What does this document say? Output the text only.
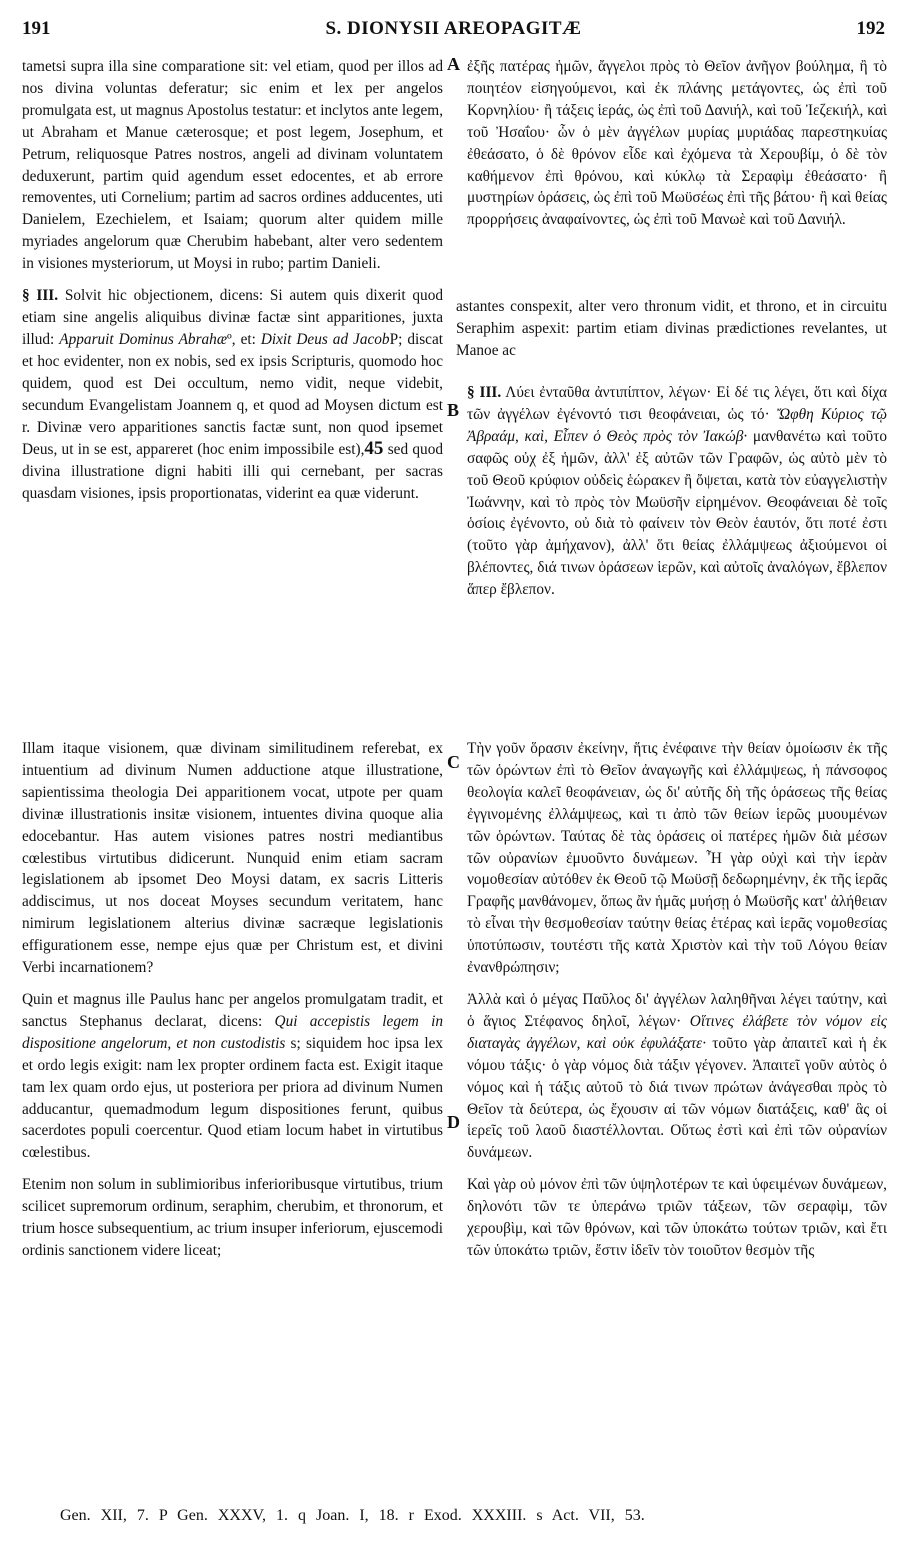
191	S. DIONYSII AREOPAGITÆ	192
A
B
C
D

tametsi supra illa sine comparatione sit: vel etiam, quod per illos ad nos divina voluntas deferatur; sic enim et lex per angelos promulgata est, ut magnus Apostolus testatur: et inclytos ante legem, ut Abraham et Manue cæterosque; et post legem, Josephum, et Petrum, reliquosque Patres nostros, angeli ad divinam voluntatem deduxerunt, partim quid agendum esset edocentes, et ab errore removentes, uti Cornelium; partim ad sacros ordines adducentes, uti Danielem, Ezechielem, et Isaiam; quorum alter quidem mille myriades angelorum quæ Cherubim habebant, alter vero sedentem in visiones mysteriorum, ut Moysi in rubo; partim Danieli.

§ III. Solvit hic objectionem, dicens: Si autem quis dixerit quod etiam sine angelis aliquibus divinæ factæ sint apparitiones, juxta illud: Apparuit Dominus Abrahæº, et: Dixit Deus ad JacobP; discat et hoc evidenter, non ex nobis, sed ex ipsis Scripturis, quomodo hoc quidem, quod est Dei occultum, nemo vidit, neque videbit, secundum Evangelistam Joannem q, et quod ad Moysen dictum est r. Divinæ vero apparitiones sanctis factæ sunt, non quod ipsemet Deus, ut in se est, appareret (hoc enim impossibile est),45 sed quod divina illustratione digni habiti illi qui cernebant, per sacras quasdam visiones, ipsis proportionatas, viderint ea quæ viderunt.

Illam itaque visionem, quæ divinam similitudinem referebat, ex intuentium ad divinum Numen adductione atque illustratione, sapientissima theologia Dei apparitionem vocat, utpote per quam divinæ illustrationis insitæ visionem, intuentes divina quoque alia edocebantur. Has autem visiones patres nostri mediantibus cœlestibus virtutibus didicerunt. Nunquid enim etiam sacram legislationem ab ipsomet Deo Moysi datam, ex sacris Litteris addiscimus, ut nos doceat Moyses secundum veritatem, hanc nimirum legislationem alterius divinæ sacræque legislationis effigurationem esse, nempe ejus quæ per Christum est, et divini Verbi incarnationem?

Quin et magnus ille Paulus hanc per angelos promulgatam tradit, et sanctus Stephanus declarat, dicens: Qui accepistis legem in dispositione angelorum, et non custodistis s; siquidem hoc ipsa lex et ordo legis exigit: nam lex propter ordinem facta est. Exigit itaque tam lex quam ordo ejus, ut posteriora per priora ad divinum Numen adducantur, quemadmodum legum dispositiones ferunt, quibus sacerdotes populi coercentur. Quod etiam locum habet in virtutibus cœlestibus.

Etenim non solum in sublimioribus inferioribusque virtutibus, trium scilicet supremorum ordinum, seraphim, cherubim, et thronorum, et trium hosce subsequentium, ac trium insuper inferiorum, ejuscemodi ordinis sanctionem videre liceat;

ἐξῆς πατέρας ἡμῶν, ἄγγελοι πρὸς τὸ Θεῖον ἀνῆγον βούλημα, ἢ τὸ ποιητέον εἰσηγούμενοι, καὶ ἐκ πλάνης μετάγοντες, ὡς ἐπὶ τοῦ Κορνηλίου· ἢ τάξεις ἱεράς, ὡς ἐπὶ τοῦ Δανιήλ, καὶ τοῦ Ἰεζεκιήλ, καὶ τοῦ Ἠσαΐου· ὧν ὁ μὲν ἀγγέλων μυρίας μυριάδας παρεστηκυίας ἐθεάσατο, ὁ δὲ θρόνον εἶδε καὶ ἐχόμενα τὰ Χερουβίμ, ὁ δὲ τὸν καθήμενον ἐπὶ θρόνου, καὶ κύκλῳ τὰ Σεραφὶμ ἐθεάσατο· ἢ μυστηρίων ὁράσεις, ὡς ἐπὶ τοῦ Μωϋσέως ἐπὶ τῆς βάτου· ἢ καὶ θείας προρρήσεις ἀναφαίνοντες, ὡς ἐπὶ τοῦ Μανωὲ καὶ τοῦ Δανιήλ.

astantes conspexit, alter vero thronum vidit, et throno, et in circuitu Seraphim aspexit: partim etiam divinas prædictiones revelantes, ut Manoe ac

§ ΙΙΙ. Λύει ἐνταῦθα ἀντιπίπτον, λέγων· Εἰ δέ τις λέγει, ὅτι καὶ δίχα τῶν ἀγγέλων ἐγένοντό τισι θεοφάνειαι, ὡς τό· Ὤφθη Κύριος τῷ Ἀβραάμ, καὶ, Εἶπεν ὁ Θεὸς πρὸς τὸν Ἰακώβ· μανθανέτω καὶ τοῦτο σαφῶς οὐχ ἐξ ἡμῶν, ἀλλ' ἐξ αὐτῶν τῶν Γραφῶν, ὡς αὐτὸ μὲν τὸ τοῦ Θεοῦ κρύφιον οὐδεὶς ἑώρακεν ἢ ὄψεται, κατὰ τὸν εὐαγγελιστὴν Ἰωάννην, καὶ τὸ πρὸς τὸν Μωϋσῆν εἰρημένον. Θεοφάνειαι δὲ τοῖς ὁσίοις ἐγένοντο, οὐ διὰ τὸ φαίνειν τὸν Θεὸν ἑαυτόν, ὅτι ποτέ ἐστι (τοῦτο γὰρ ἀμήχανον), ἀλλ' ὅτι θείας ἐλλάμψεως ἀξιούμενοι οἱ βλέποντες, διά τινων ὁράσεων ἱερῶν, καὶ αὐτοῖς ἀναλόγων, ἔβλεπον ἅπερ ἔβλεπον.

Τὴν γοῦν ὅρασιν ἐκείνην, ἥτις ἐνέφαινε τὴν θείαν ὁμοίωσιν ἐκ τῆς τῶν ὁρώντων ἐπὶ τὸ Θεῖον ἀναγωγῆς καὶ ἐλλάμψεως, ἡ πάνσοφος θεολογία καλεῖ θεοφάνειαν, ὡς δι' αὐτῆς δὴ τῆς ὁράσεως τῆς θείας ἐγγινομένης ἐλλάμψεως, καὶ τι ἀπὸ τῶν θείων ἱερῶς μυουμένων τῶν ὁρώντων. Ταύτας δὲ τὰς ὁράσεις οἱ πατέρες ἡμῶν διὰ μέσων τῶν οὐρανίων ἐμυοῦντο δυνάμεων. Ἦ γὰρ οὐχὶ καὶ τὴν ἱερὰν νομοθεσίαν αὐτόθεν ἐκ Θεοῦ τῷ Μωϋσῇ δεδωρημένην, ἐκ τῆς ἱερᾶς Γραφῆς μανθάνομεν, ὅπως ἂν ἡμᾶς μυήσῃ ὁ Μωϋσῆς κατ' ἀλήθειαν τὸ εἶναι τὴν θεσμοθεσίαν ταύτην θείας ἑτέρας καὶ ἱερᾶς νομοθεσίας ὑποτύπωσιν, τουτέστι τῆς κατὰ Χριστὸν καὶ τὴν τοῦ Λόγου θείαν ἐνανθρώπησιν;

Ἀλλὰ καὶ ὁ μέγας Παῦλος δι' ἀγγέλων λαληθῆναι λέγει ταύτην, καὶ ὁ ἅγιος Στέφανος δηλοῖ, λέγων· Οἵτινες ἐλάβετε τὸν νόμον εἰς διαταγὰς ἀγγέλων, καὶ οὐκ ἐφυλάξατε· τοῦτο γὰρ ἀπαιτεῖ καὶ ἡ ἐκ νόμου τάξις· ὁ γὰρ νόμος διὰ τάξιν γέγονεν. Ἀπαιτεῖ γοῦν αὐτὸς ὁ νόμος καὶ ἡ τάξις αὐτοῦ τὸ διά τινων πρώτων ἀνάγεσθαι πρὸς τὸ Θεῖον τὰ δεύτερα, ὡς ἔχουσιν αἱ τῶν νόμων διατάξεις, καθ' ἃς οἱ ἱερεῖς τοῦ λαοῦ διαστέλλονται. Οὕτως ἐστὶ καὶ ἐπὶ τῶν οὐρανίων δυνάμεων.

Καὶ γὰρ οὐ μόνον ἐπὶ τῶν ὑψηλοτέρων τε καὶ ὑφειμένων δυνάμεων, δηλονότι τῶν τε ὑπεράνω τριῶν τάξεων, τῶν σεραφὶμ, τῶν χερουβὶμ, καὶ τῶν θρόνων, καὶ τῶν ὑποκάτω τούτων τριῶν, καὶ ἔτι τῶν ὑποκάτω τριῶν, ἔστιν ἰδεῖν τὸν τοιοῦτον θεσμὸν τῆς

Gen. XII, 7. P Gen. XXXV, 1. q Joan. I, 18. r Exod. XXXIII. s Act. VII, 53.
